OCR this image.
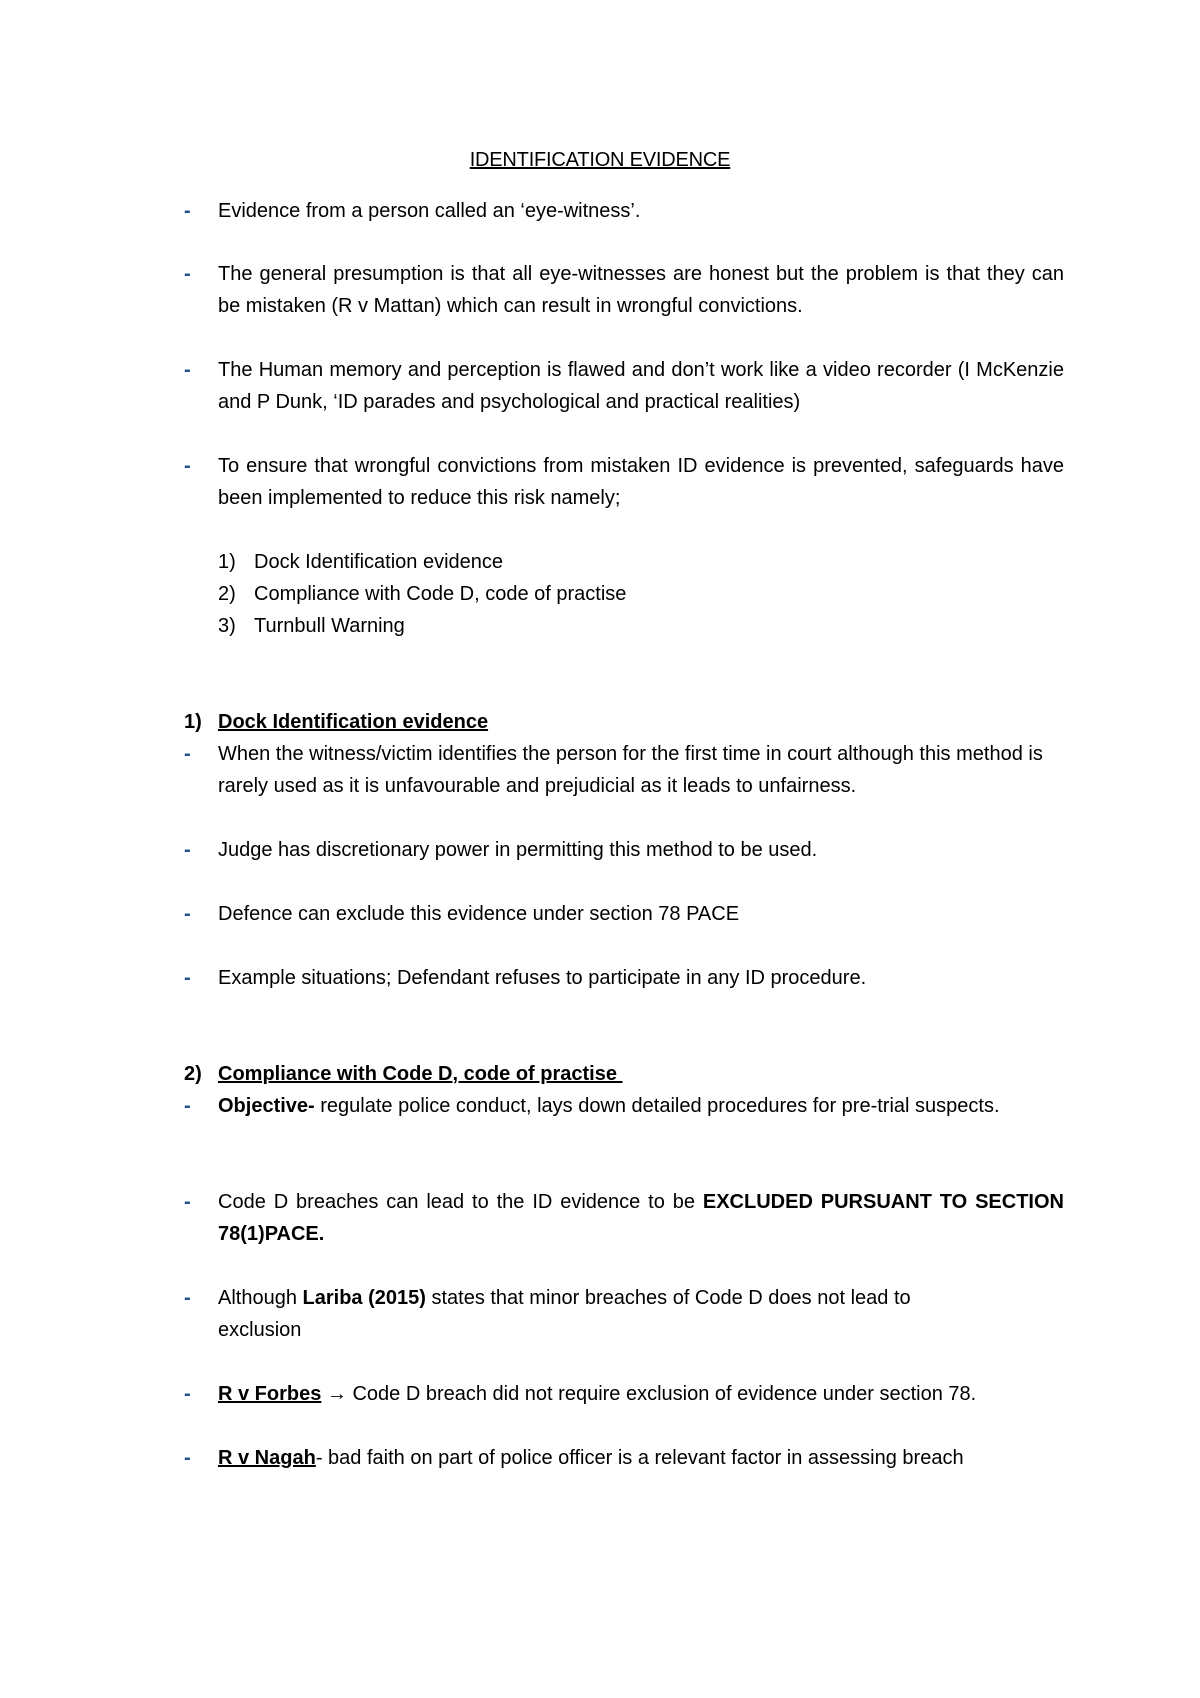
IDENTIFICATION EVIDENCE
-	Evidence from a person called an ‘eye-witness’.
-	The general presumption is that all eye-witnesses are honest but the problem is that they can be mistaken (R v Mattan) which can result in wrongful convictions.
-	The Human memory and perception is flawed and don’t work like a video recorder (I McKenzie and P Dunk, ‘ID parades and psychological and practical realities)
-	To ensure that wrongful convictions from mistaken ID evidence is prevented, safeguards have been implemented to reduce this risk namely;
1) Dock Identification evidence
2) Compliance with Code D, code of practise
3) Turnbull Warning
1) Dock Identification evidence
-	When the witness/victim identifies the person for the first time in court although this method is rarely used as it is unfavourable and prejudicial as it leads to unfairness.
-	Judge has discretionary power in permitting this method to be used.
-	Defence can exclude this evidence under section 78 PACE
-	Example situations; Defendant refuses to participate in any ID procedure.
2) Compliance with Code D, code of practise
-	Objective- regulate police conduct, lays down detailed procedures for pre-trial suspects.
-	Code D breaches can lead to the ID evidence to be EXCLUDED PURSUANT TO SECTION 78(1)PACE.
-	Although Lariba (2015) states that minor breaches of Code D does not lead to exclusion
-	R v Forbes → Code D breach did not require exclusion of evidence under section 78.
-	R v Nagah- bad faith on part of police officer is a relevant factor in assessing breach
